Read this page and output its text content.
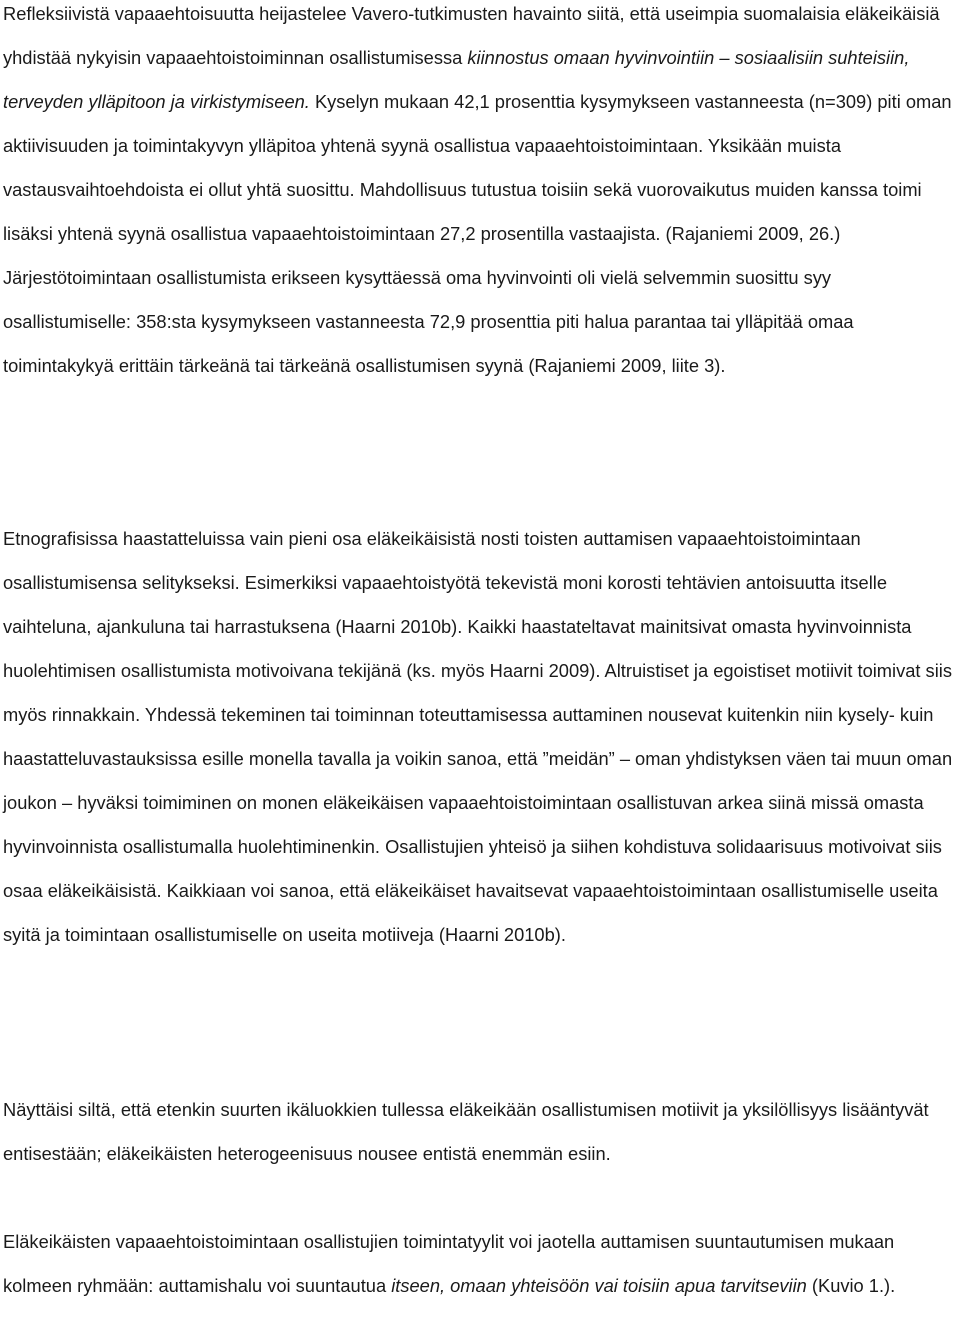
Refleksiivistä vapaaehtoisuutta heijastelee Vavero-tutkimusten havainto siitä, että useimpia suomalaisia eläkeikäisiä yhdistää nykyisin vapaaehtoistoiminnan osallistumisessa kiinnostus omaan hyvinvointiin – sosiaalisiin suhteisiin, terveyden ylläpitoon ja virkistymiseen. Kyselyn mukaan 42,1 prosenttia kysymykseen vastanneesta (n=309) piti oman aktiivisuuden ja toimintakyvyn ylläpitoa yhtenä syynä osallistua vapaaehtoistoimintaan. Yksikään muista vastausvaihtoehdoista ei ollut yhtä suosittu. Mahdollisuus tutustua toisiin sekä vuorovaikutus muiden kanssa toimi lisäksi yhtenä syynä osallistua vapaaehtoistoimintaan 27,2 prosentilla vastaajista. (Rajaniemi 2009, 26.) Järjestötoimintaan osallistumista erikseen kysyttäessä oma hyvinvointi oli vielä selvemmin suosittu syy osallistumiselle: 358:sta kysymykseen vastanneesta 72,9 prosenttia piti halua parantaa tai ylläpitää omaa toimintakykyä erittäin tärkeänä tai tärkeänä osallistumisen syynä (Rajaniemi 2009, liite 3).

Etnografisissa haastatteluissa vain pieni osa eläkeikäisistä nosti toisten auttamisen vapaaehtoistoimintaan osallistumisensa selitykseksi. Esimerkiksi vapaaehtoistyötä tekevistä moni korosti tehtävien antoisuutta itselle vaihteluna, ajankuluna tai harrastuksena (Haarni 2010b). Kaikki haastateltavat mainitsivat omasta hyvinvoinnista huolehtimisen osallistumista motivoivana tekijänä (ks. myös Haarni 2009). Altruistiset ja egoistiset motiivit toimivat siis myös rinnakkain. Yhdessä tekeminen tai toiminnan toteuttamisessa auttaminen nousevat kuitenkin niin kysely- kuin haastatteluvastauksissa esille monella tavalla ja voikin sanoa, että ”meidän” – oman yhdistyksen väen tai muun oman joukon – hyväksi toimiminen on monen eläkeikäisen vapaaehtoistoimintaan osallistuvan arkea siinä missä omasta hyvinvoinnista osallistumalla huolehtiminenkin. Osallistujien yhteisö ja siihen kohdistuva solidaarisuus motivoivat siis osaa eläkeikäisistä. Kaikkiaan voi sanoa, että eläkeikäiset havaitsevat vapaaehtoistoimintaan osallistumiselle useita syitä ja toimintaan osallistumiselle on useita motiiveja (Haarni 2010b).

Näyttäisi siltä, että etenkin suurten ikäluokkien tullessa eläkeikään osallistumisen motiivit ja yksilöllisyys lisääntyvät entisestään; eläkeikäisten heterogeenisuus nousee entistä enemmän esiin.

Eläkeikäisten vapaaehtoistoimintaan osallistujien toimintatyylit voi jaotella auttamisen suuntautumisen mukaan kolmeen ryhmään: auttamishalu voi suuntautua itseen, omaan yhteisöön vai toisiin apua tarvitseviin (Kuvio 1.).
